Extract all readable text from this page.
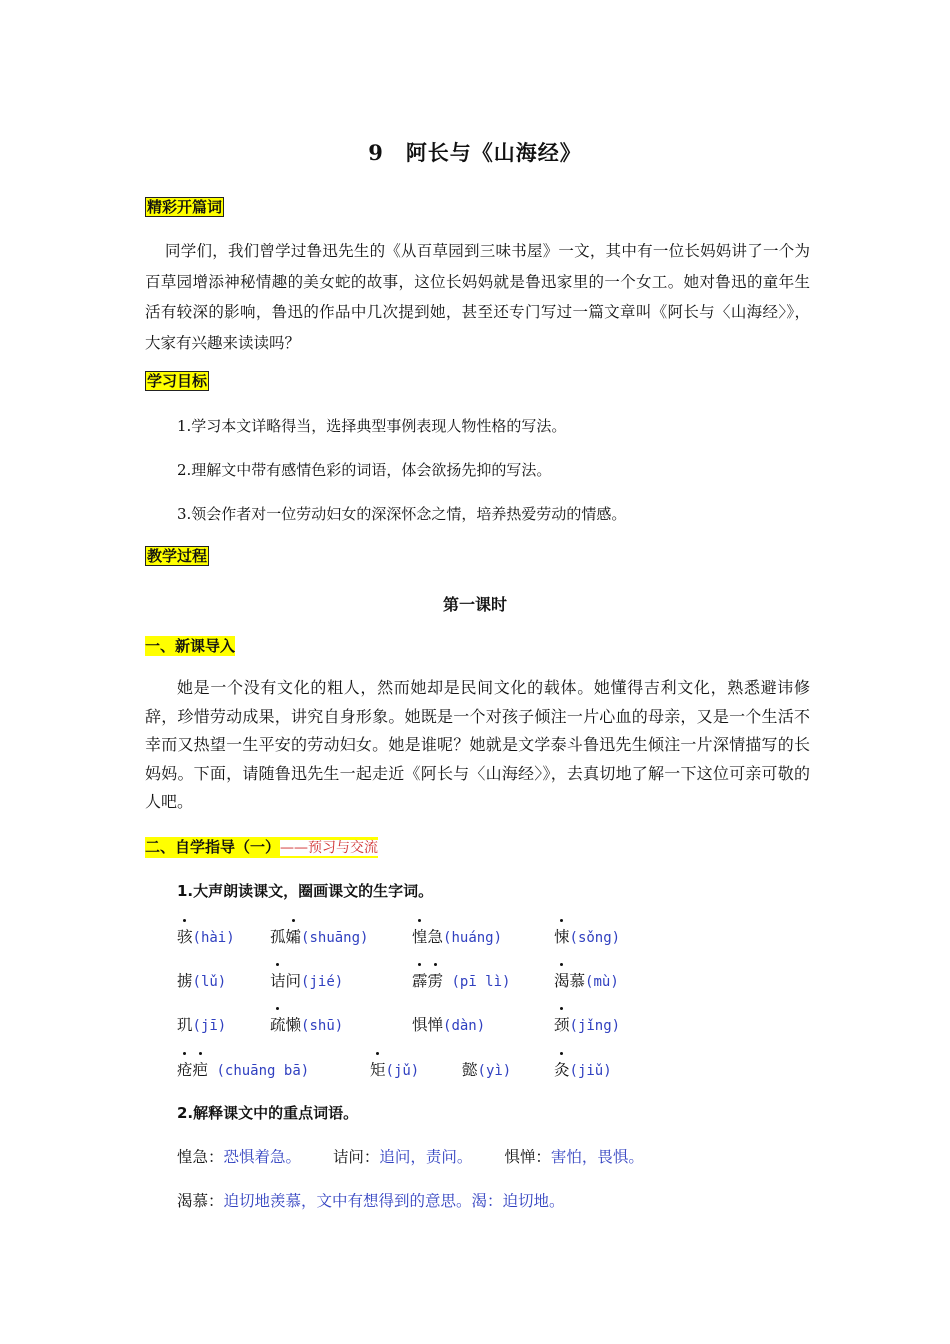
9 阿长与《山海经》
精彩开篇词
同学们，我们曾学过鲁迅先生的《从百草园到三味书屋》一文，其中有一位长妈妈讲了一个为百草园增添神秘情趣的美女蛇的故事，这位长妈妈就是鲁迅家里的一个女工。她对鲁迅的童年生活有较深的影响，鲁迅的作品中几次提到她，甚至还专门写过一篇文章叫《阿长与〈山海经〉》，大家有兴趣来读读吗？
学习目标
1.学习本文详略得当，选择典型事例表现人物性格的写法。
2.理解文中带有感情色彩的词语，体会欲扬先抑的写法。
3.领会作者对一位劳动妇女的深深怀念之情，培养热爱劳动的情感。
教学过程
第一课时
一、新课导入
她是一个没有文化的粗人，然而她却是民间文化的载体。她懂得吉利文化，熟悉避讳修辞，珍惜劳动成果，讲究自身形象。她既是一个对孩子倾注一片心血的母亲，又是一个生活不幸而又热望一生平安的劳动妇女。她是谁呢？她就是文学泰斗鲁迅先生倾注一片深情描写的长妈妈。下面，请随鲁迅先生一起走近《阿长与〈山海经〉》，去真切地了解一下这位可亲可敬的人吧。
二、自学指导（一）——预习与交流
1.大声朗读课文，圈画课文的生字词。
骇(hài) 孤孀(shuāng)	惶急(huáng)	悚(sǒng)
掳(lǔ)	诘问(jié)	霹雳 (pī lì)	渴慕(mù)
玑(jī)	疏懒(shū)	惧惮(dàn)	颈(jǐng)
疮疤 (chuāng bā)	矩(jǔ)	懿(yì)	灸(jiǔ)
2.解释课文中的重点词语。
惶急：恐惧着急。 诘问：追问，责问。 惧惮：害怕，畏惧。
渴慕：迫切地羡慕，文中有想得到的意思。渴：迫切地。
